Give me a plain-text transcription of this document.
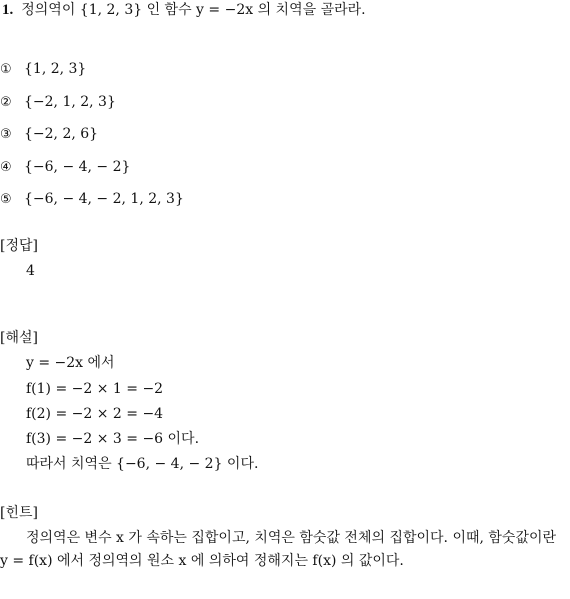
1. 정의역이 {1, 2, 3} 인 함수 y = −2x 의 치역을 골라라.
① {1, 2, 3}
② {−2, 1, 2, 3}
③ {−2, 2, 6}
④ {−6, − 4, − 2}
⑤ {−6, − 4, − 2, 1, 2, 3}
[정답]
4
[해설]
y = −2x 에서
f(1) = −2 × 1 = −2
f(2) = −2 × 2 = −4
f(3) = −2 × 3 = −6 이다.
따라서 치역은 {−6, − 4, − 2} 이다.
[힌트]
정의역은 변수 x 가 속하는 집합이고, 치역은 함숫값 전체의 집합이다. 이때, 함숫값이란 y = f(x) 에서 정의역의 원소 x 에 의하여 정해지는 f(x) 의 값이다.
